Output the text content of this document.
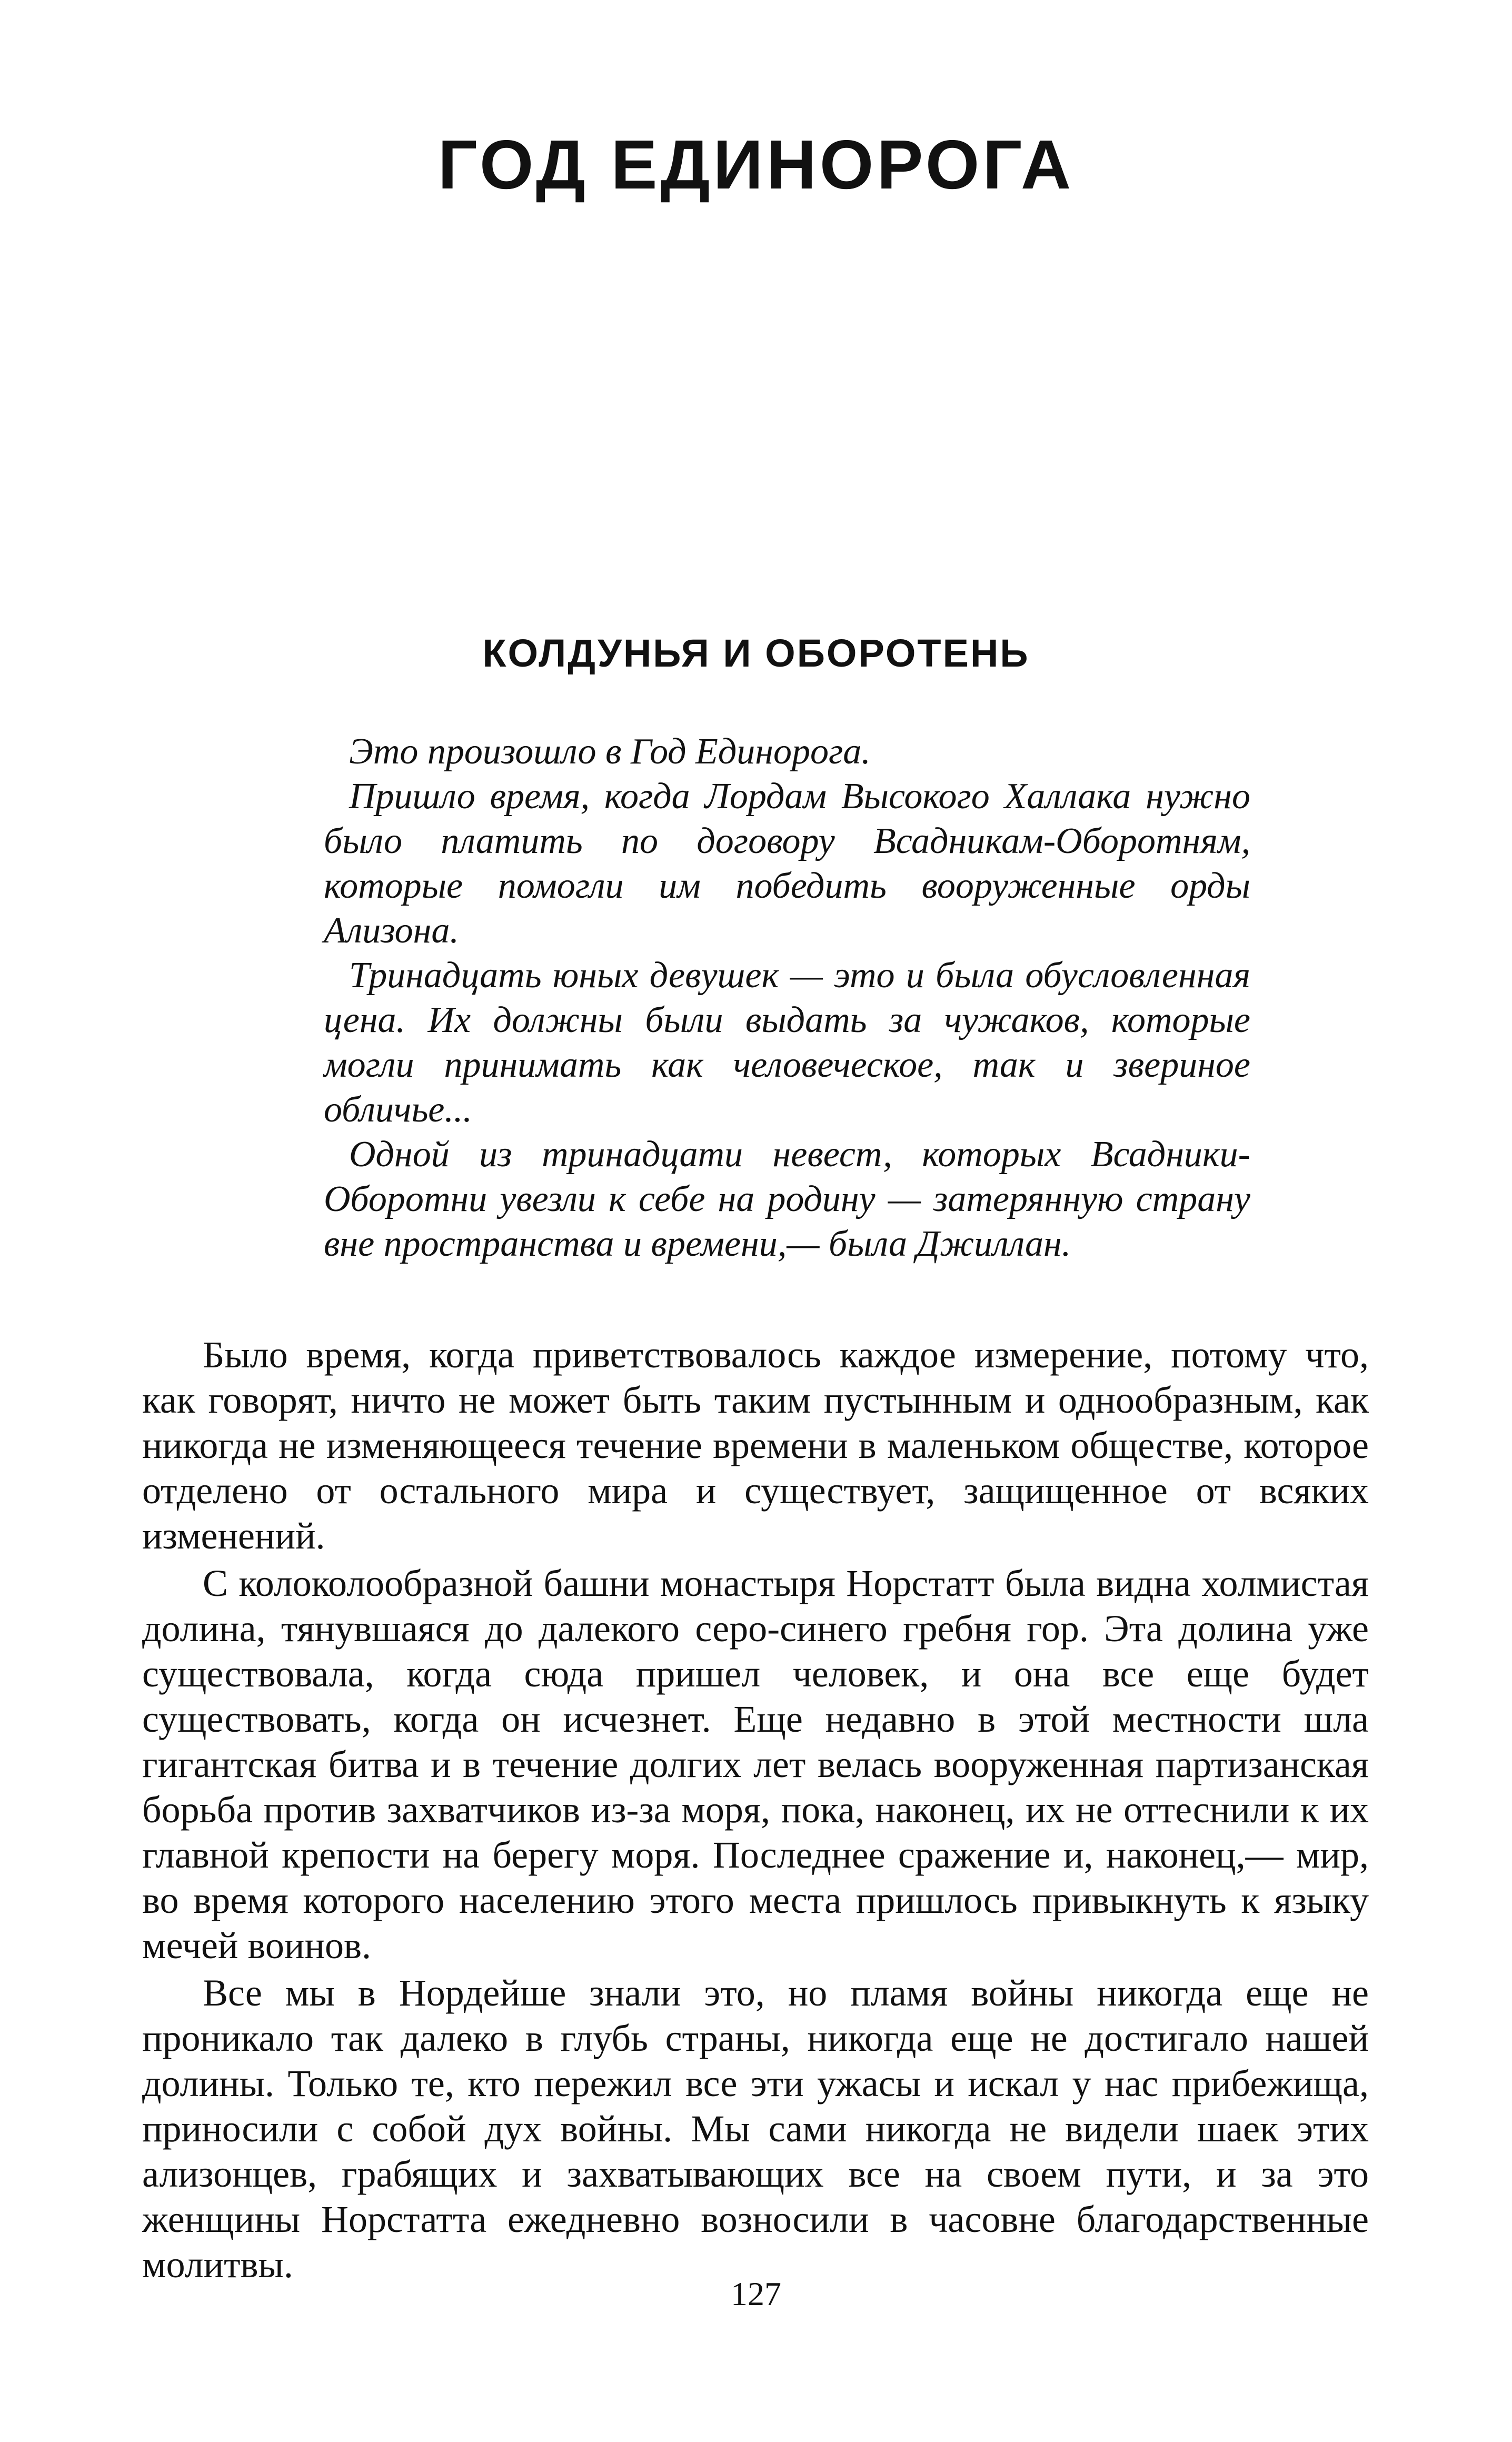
ГОД ЕДИНОРОГА
КОЛДУНЬЯ И ОБОРОТЕНЬ

Это произошло в Год Единорога.

Пришло время, когда Лордам Высокого Халлака нужно было платить по договору Всадникам-Оборотням, которые помогли им победить вооруженные орды Ализона.

Тринадцать юных девушек — это и была обусловленная цена. Их должны были выдать за чужаков, которые могли принимать как человеческое, так и звериное обличье...

Одной из тринадцати невест, которых Всадники-Оборотни увезли к себе на родину — затерянную страну вне пространства и времени,— была Джиллан.

Было время, когда приветствовалось каждое измерение, потому что, как говорят, ничто не может быть таким пустынным и однообразным, как никогда не изменяющееся течение времени в маленьком обществе, которое отделено от остального мира и существует, защищенное от всяких изменений.

С колоколообразной башни монастыря Норстатт была видна холмистая долина, тянувшаяся до далекого серо-синего гребня гор. Эта долина уже существовала, когда сюда пришел человек, и она все еще будет существовать, когда он исчезнет. Еще недавно в этой местности шла гигантская битва и в течение долгих лет велась вооруженная партизанская борьба против захватчиков из-за моря, пока, наконец, их не оттеснили к их главной крепости на берегу моря. Последнее сражение и, наконец,— мир, во время которого населению этого места пришлось привыкнуть к языку мечей воинов.

Все мы в Нордейше знали это, но пламя войны никогда еще не проникало так далеко в глубь страны, никогда еще не достигало нашей долины. Только те, кто пережил все эти ужасы и искал у нас прибежища, приносили с собой дух войны. Мы сами никогда не видели шаек этих ализонцев, грабящих и захватывающих все на своем пути, и за это женщины Норстатта ежедневно возносили в часовне благодарственные молитвы.

127
